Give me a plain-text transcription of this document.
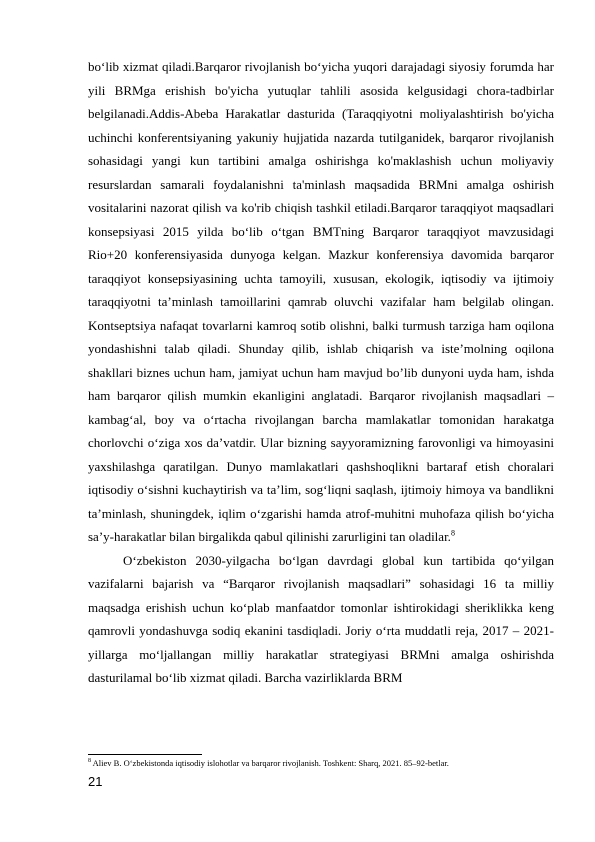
bo‘lib xizmat qiladi.Barqaror rivojlanish bo‘yicha yuqori darajadagi siyosiy forumda har yili BRMga erishish bo'yicha yutuqlar tahlili asosida kelgusidagi chora-tadbirlar belgilanadi.Addis-Abeba Harakatlar dasturida (Taraqqiyotni moliyalashtirish bo'yicha uchinchi konferentsiyaning yakuniy hujjatida nazarda tutilganidek, barqaror rivojlanish sohasidagi yangi kun tartibini amalga oshirishga ko'maklashish uchun moliyaviy resurslardan samarali foydalanishni ta'minlash maqsadida BRMni amalga oshirish vositalarini nazorat qilish va ko'rib chiqish tashkil etiladi.Barqaror taraqqiyot maqsadlari konsepsiyasi 2015 yilda bo‘lib o‘tgan BMTning Barqaror taraqqiyot mavzusidagi Rio+20 konferensiyasida dunyoga kelgan. Mazkur konferensiya davomida barqaror taraqqiyot konsepsiyasining uchta tamoyili, xususan, ekologik, iqtisodiy va ijtimoiy taraqqiyotni ta’minlash tamoillarini qamrab oluvchi vazifalar ham belgilab olingan. Kontseptsiya nafaqat tovarlarni kamroq sotib olishni, balki turmush tarziga ham oqilona yondashishni talab qiladi. Shunday qilib, ishlab chiqarish va iste’molning oqilona shakllari biznes uchun ham, jamiyat uchun ham mavjud bo’lib dunyoni uyda ham, ishda ham barqaror qilish mumkin ekanligini anglatadi. Barqaror rivojlanish maqsadlari – kambag‘al, boy va o‘rtacha rivojlangan barcha mamlakatlar tomonidan harakatga chorlovchi o‘ziga xos da’vatdir. Ular bizning sayyoramizning farovonligi va himoyasini yaxshilashga qaratilgan. Dunyo mamlakatlari qashshoqlikni bartaraf etish choralari iqtisodiy o‘sishni kuchaytirish va ta’lim, sog‘liqni saqlash, ijtimoiy himoya va bandlikni ta’minlash, shuningdek, iqlim o‘zgarishi hamda atrof-muhitni muhofaza qilish bo‘yicha sa’y-harakatlar bilan birgalikda qabul qilinishi zarurligini tan oladilar.$^8$

O‘zbekiston 2030-yilgacha bo‘lgan davrdagi global kun tartibida qo‘yilgan vazifalarni bajarish va “Barqaror rivojlanish maqsadlari” sohasidagi 16 ta milliy maqsadga erishish uchun ko‘plab manfaatdor tomonlar ishtirokidagi sheriklikka keng qamrovli yondashuvga sodiq ekanini tasdiqladi. Joriy o‘rta muddatli reja, 2017 – 2021-yillarga mo‘ljallangan milliy harakatlar strategiyasi BRMni amalga oshirishda dasturilamal bo‘lib xizmat qiladi. Barcha vazirliklarda BRM

$^8$ Aliev B. O‘zbekistonda iqtisodiy islohotlar va barqaror rivojlanish. Toshkent: Sharq, 2021. 85–92-betlar.
21
